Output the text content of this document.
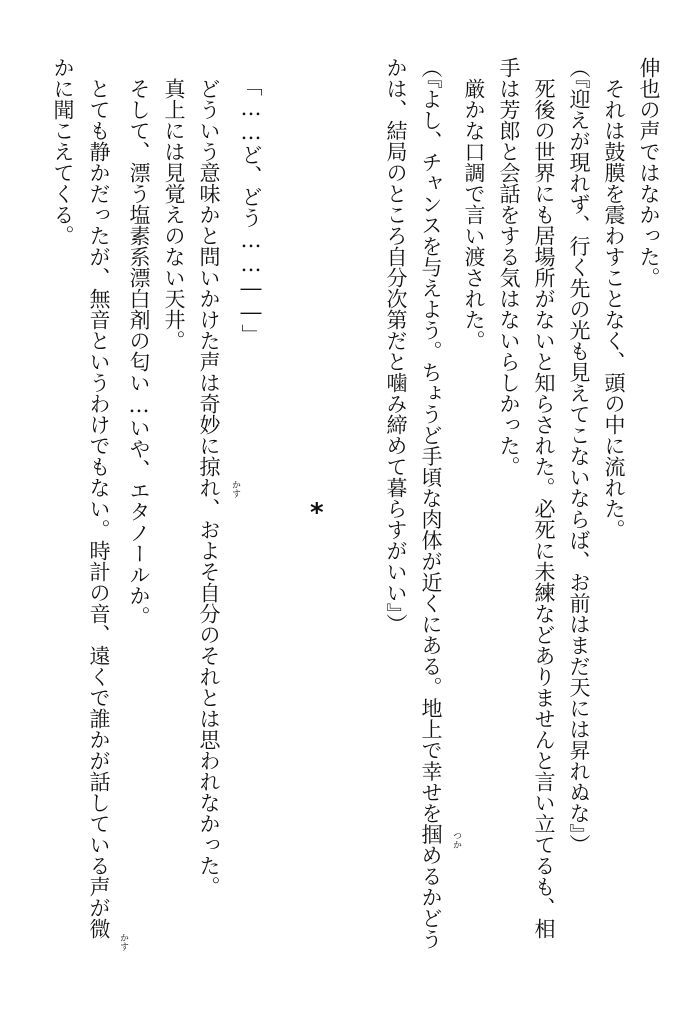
伸也の声ではなかった。
　それは鼓膜を震わすことなく、頭の中に流れた。
（『迎えが現れず、行く先の光も見えてこないならば、お前はまだ天には昇れぬな』）
　死後の世界にも居場所がないと知らされた。必死に未練などありませんと言い立てるも、相
手は芳郎と会話をする気はないらしかった。
　厳かな口調で言い渡された。
（『よし、チャンスを与えよう。ちょうど手頃な肉体が近くにある。地上で幸せを掴めるかどう
かは、結局のところ自分次第だと噛み締めて暮らすがいい』）
*
「……ど、どう……――」
　どういう意味かと問いかけた声は奇妙に掠れ、およそ自分のそれとは思われなかった。
　真上には見覚えのない天井。
　そして、漂う塩素系漂白剤の匂い…いや、エタノールか。
　とても静かだったが、無音というわけでもない。時計の音、遠くで誰かが話している声が微
かに聞こえてくる。
つか
かす
かす
